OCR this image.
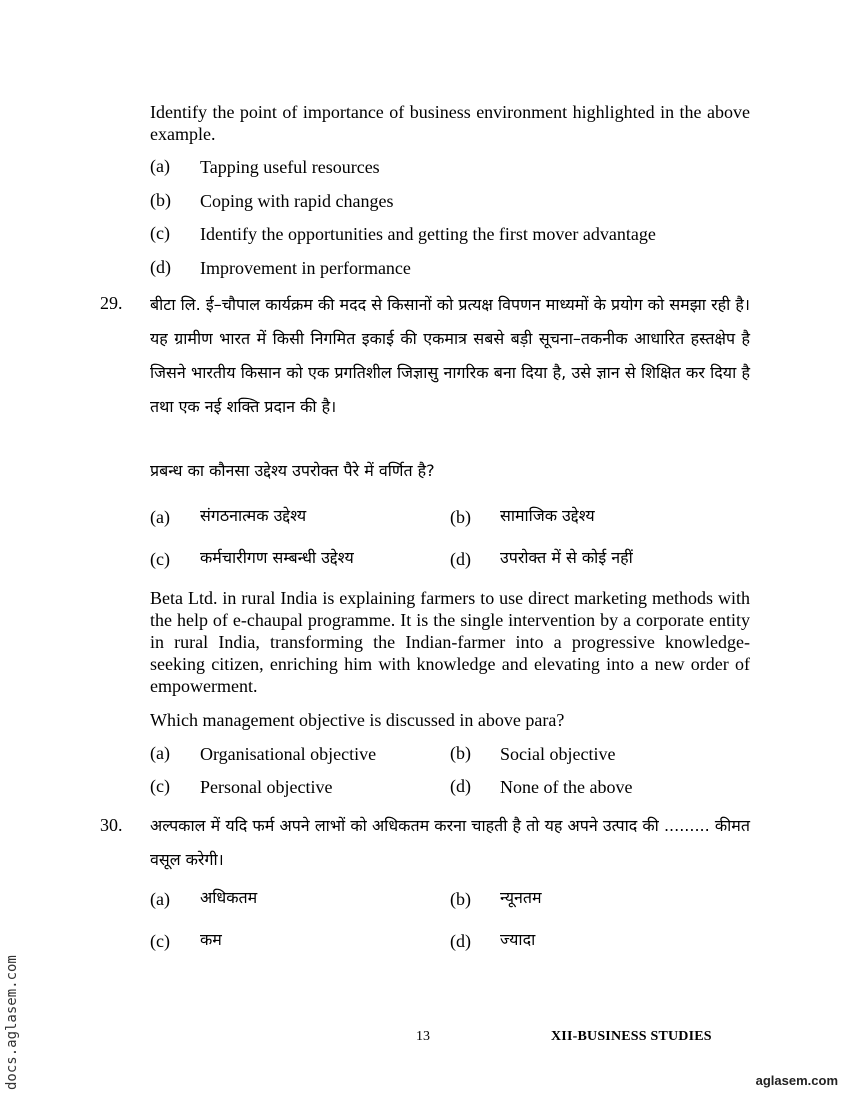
Identify the point of importance of business environment highlighted in the above example.
(a) Tapping useful resources
(b) Coping with rapid changes
(c) Identify the opportunities and getting the first mover advantage
(d) Improvement in performance
29. बीटा लि. ई–चौपाल कार्यक्रम की मदद से किसानों को प्रत्यक्ष विपणन माध्यमों के प्रयोग को समझा रही है। यह ग्रामीण भारत में किसी निगमित इकाई की एकमात्र सबसे बड़ी सूचना–तकनीक आधारित हस्तक्षेप है जिसने भारतीय किसान को एक प्रगतिशील जिज्ञासु नागरिक बना दिया है, उसे ज्ञान से शिक्षित कर दिया है तथा एक नई शक्ति प्रदान की है।
प्रबन्ध का कौनसा उद्देश्य उपरोक्त पैरे में वर्णित है?
(a) संगठनात्मक उद्देश्य	(b) सामाजिक उद्देश्य
(c) कर्मचारीगण सम्बन्धी उद्देश्य	(d) उपरोक्त में से कोई नहीं
Beta Ltd. in rural India is explaining farmers to use direct marketing methods with the help of e-chaupal programme. It is the single intervention by a corporate entity in rural India, transforming the Indian-farmer into a progressive knowledge-seeking citizen, enriching him with knowledge and elevating into a new order of empowerment.
Which management objective is discussed in above para?
(a) Organisational objective	(b) Social objective
(c) Personal objective	(d) None of the above
30. अल्पकाल में यदि फर्म अपने लाभों को अधिकतम करना चाहती है तो यह अपने उत्पाद की ......... कीमत वसूल करेगी।
(a) अधिकतम	(b) न्यूनतम
(c) कम	(d) ज्यादा
13	XII-BUSINESS STUDIES
docs.aglasem.com	aglasem.com
